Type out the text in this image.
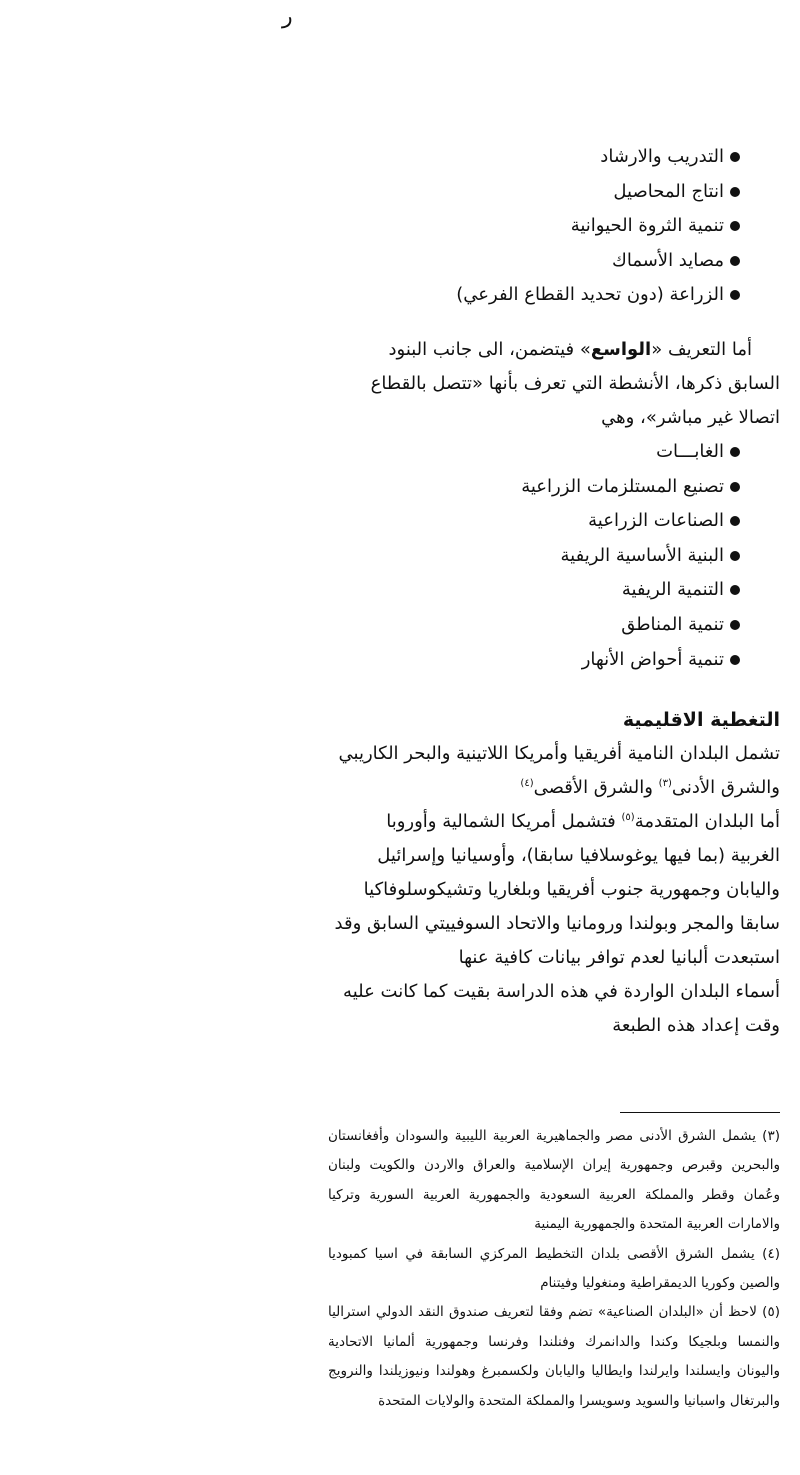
ر
التدريب والارشاد
انتاج المحاصيل
تنمية الثروة الحيوانية
مصايد الأسماك
الزراعة (دون تحديد القطاع الفرعي)

أما التعريف «الواسع» فيتضمن، الى جانب البنود السابق ذكرها، الأنشطة التي تعرف بأنها «تتصل بالقطاع اتصالا غير مباشر»، وهي

الغابـــات
تصنيع المستلزمات الزراعية
الصناعات الزراعية
البنية الأساسية الريفية
التنمية الريفية
تنمية المناطق
تنمية أحواض الأنهار
التغطية الاقليمية

تشمل البلدان النامية أفريقيا وأمريكا اللاتينية والبحر الكاريبي والشرق الأدنى$^{(٣)}$ والشرق الأقصى$^{(٤)}$

أما البلدان المتقدمة$^{(٥)}$ فتشمل أمريكا الشمالية وأوروبا الغربية (بما فيها يوغوسلافيا سابقا)، وأوسيانيا وإسرائيل واليابان وجمهورية جنوب أفريقيا وبلغاريا وتشيكوسلوفاكيا سابقا والمجر وبولندا ورومانيا والاتحاد السوفييتي السابق وقد استبعدت ألبانيا لعدم توافر بيانات كافية عنها

أسماء البلدان الواردة في هذه الدراسة بقيت كما كانت عليه وقت إعداد هذه الطبعة

(٣) يشمل الشرق الأدنى مصر والجماهيرية العربية الليبية والسودان وأفغانستان والبحرين وقبرص وجمهورية إيران الإسلامية والعراق والاردن والكويت ولبنان وعُمان وقطر والمملكة العربية السعودية والجمهورية العربية السورية وتركيا والامارات العربية المتحدة والجمهورية اليمنية

(٤) يشمل الشرق الأقصى بلدان التخطيط المركزي السابقة في اسيا كمبوديا والصين وكوريا الديمقراطية ومنغوليا وفيتنام

(٥) لاحظ أن «البلدان الصناعية» تضم وفقا لتعريف صندوق النقد الدولي استراليا والنمسا وبلجيكا وكندا والدانمرك وفنلندا وفرنسا وجمهورية ألمانيا الاتحادية واليونان وايسلندا وايرلندا وايطاليا واليابان ولكسمبرغ وهولندا ونيوزيلندا والنرويج والبرتغال واسبانيا والسويد وسويسرا والمملكة المتحدة والولايات المتحدة
